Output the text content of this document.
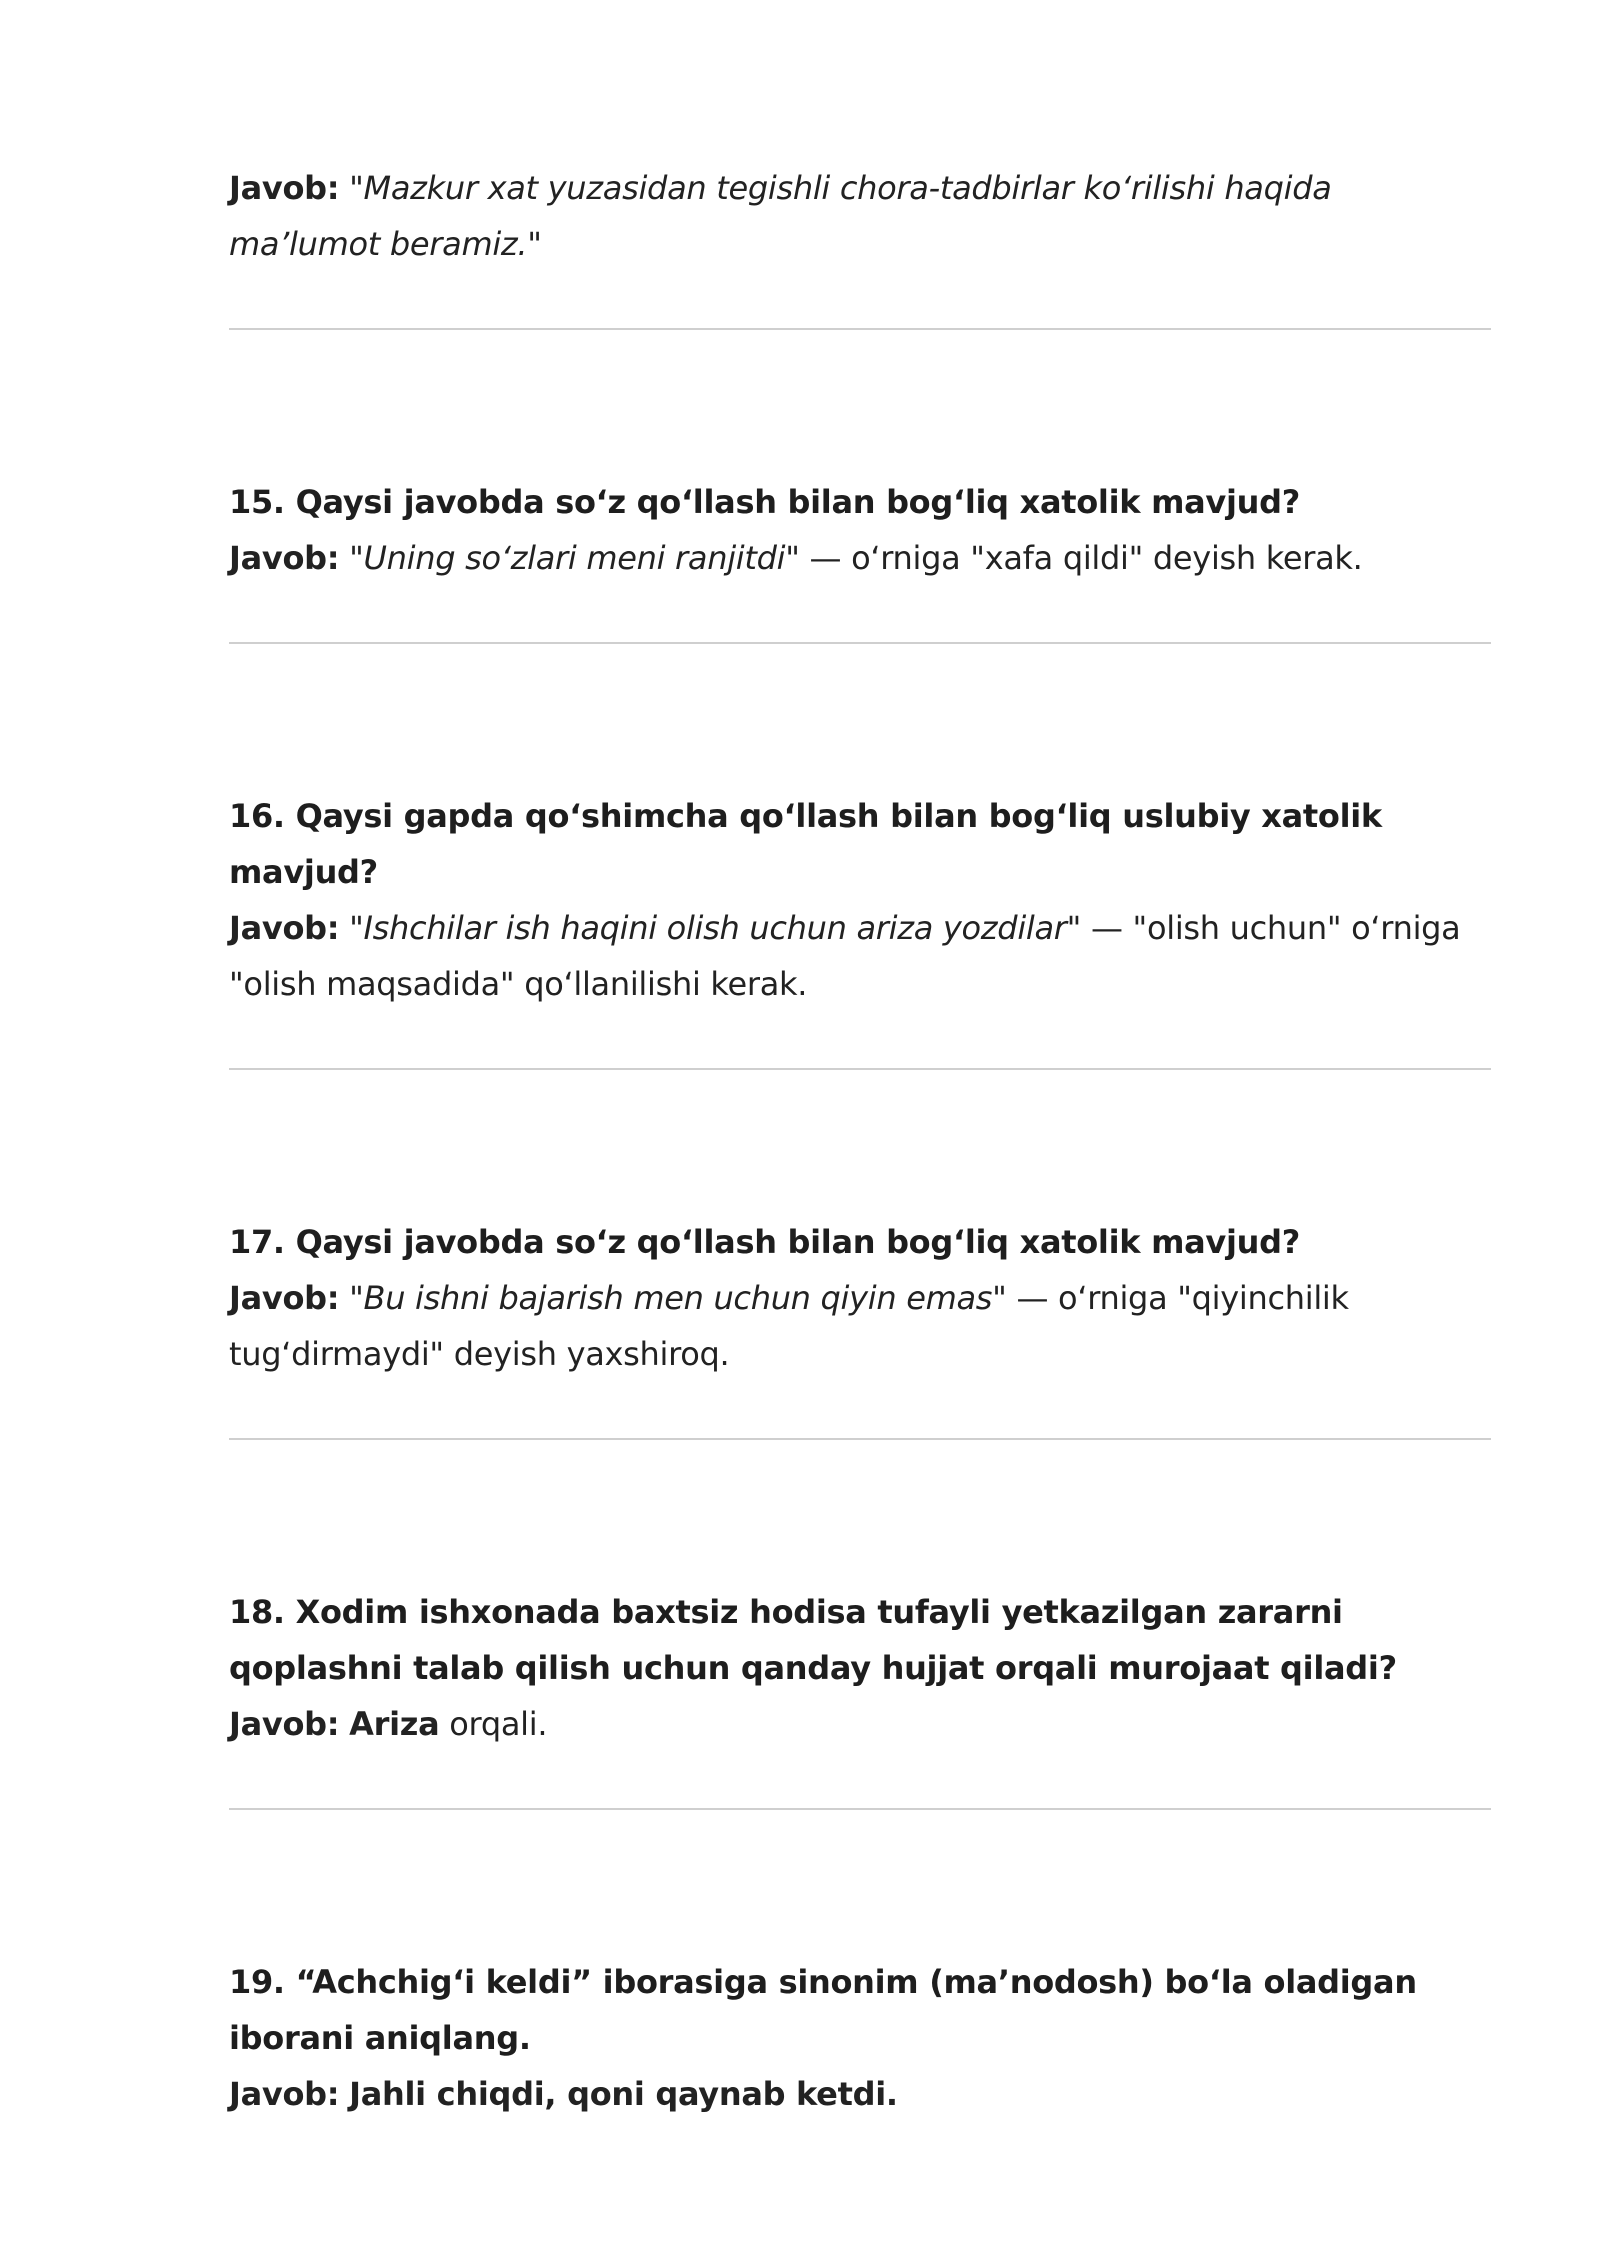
Javob: "Mazkur xat yuzasidan tegishli chora-tadbirlar ko‘rilishi haqida ma’lumot beramiz."
15. Qaysi javobda so‘z qo‘llash bilan bog‘liq xatolik mavjud?
Javob: "Uning so‘zlari meni ranjitdi" — o‘rniga "xafa qildi" deyish kerak.
16. Qaysi gapda qo‘shimcha qo‘llash bilan bog‘liq uslubiy xatolik mavjud?
Javob: "Ishchilar ish haqini olish uchun ariza yozdilar" — "olish uchun" o‘rniga "olish maqsadida" qo‘llanilishi kerak.
17. Qaysi javobda so‘z qo‘llash bilan bog‘liq xatolik mavjud?
Javob: "Bu ishni bajarish men uchun qiyin emas" — o‘rniga "qiyinchilik tug‘dirmaydi" deyish yaxshiroq.
18. Xodim ishxonada baxtsiz hodisa tufayli yetkazilgan zararni qoplashni talab qilish uchun qanday hujjat orqali murojaat qiladi?
Javob: Ariza orqali.
19. “Achchig‘i keldi” iborasiga sinonim (ma’nodosh) bo‘la oladigan iborani aniqlang.
Javob: Jahli chiqdi, qoni qaynab ketdi.
